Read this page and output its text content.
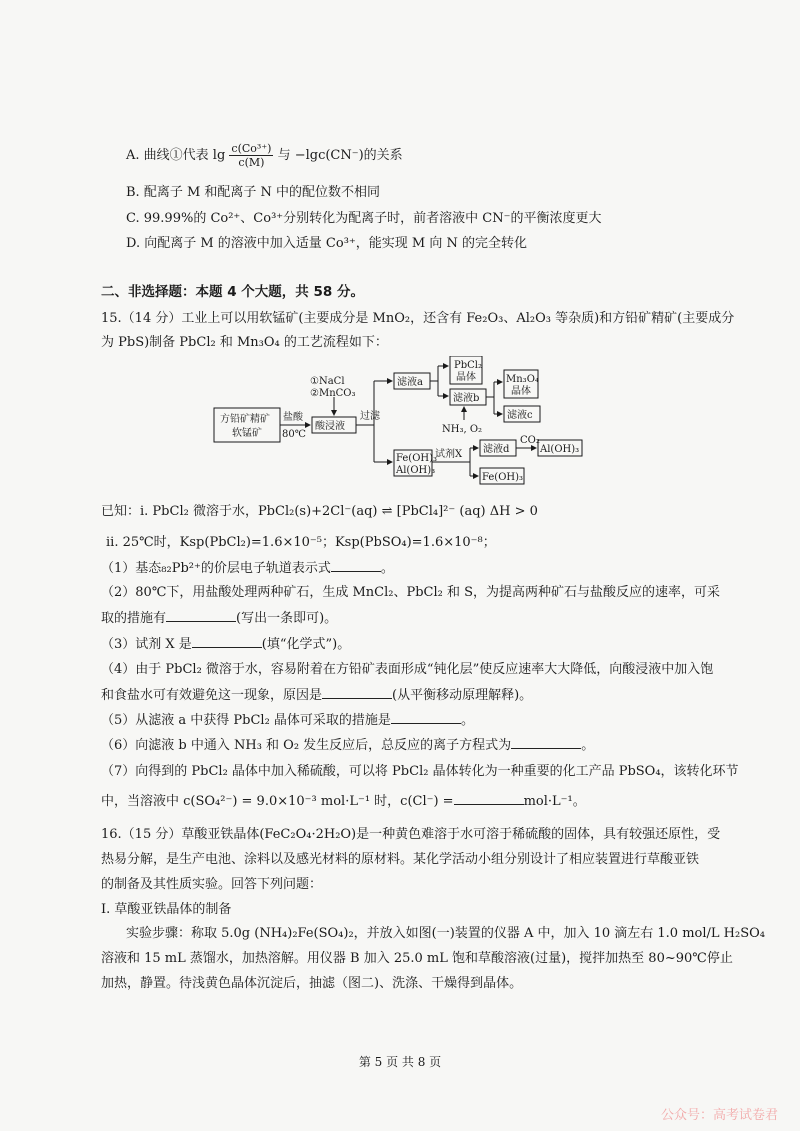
A. 曲线①代表 $\lg \frac{\text{c(Co³⁺)}}{c(M)}$ 与 −lgc(CN⁻)的关系
B. 配离子 M 和配离子 N 中的配位数不相同
C. 99.99%的 Co²⁺、Co³⁺分别转化为配离子时，前者溶液中 CN⁻的平衡浓度更大
D. 向配离子 M 的溶液中加入适量 Co³⁺，能实现 M 向 N 的完全转化
二、非选择题：本题 4 个大题，共 58 分。
15.（14 分）工业上可以用软锰矿(主要成分是 MnO₂，还含有 Fe₂O₃、Al₂O₃ 等杂质)和方铅矿精矿(主要成分
为 PbS)制备 PbCl₂ 和 Mn₃O₄ 的工艺流程如下：
方铅矿精矿
软锰矿
盐酸
80℃
酸浸液
①NaCl
②MnCO₃
过滤
滤液a
PbCl₂
晶体
滤液b
NH₃, O₂
Mn₃O₄
晶体
滤液c
Fe(OH)₃
Al(OH)₃
试剂X 滤液d
CO₂
Al(OH)₃
Fe(OH)₃
已知：i. PbCl₂ 微溶于水，PbCl₂(s)+2Cl⁻(aq) ⇌ [PbCl₄]²⁻ (aq) ΔH > 0
ii. 25℃时，Ksp(PbCl₂)=1.6×10⁻⁵；Ksp(PbSO₄)=1.6×10⁻⁸；
（1）基态₈₂Pb²⁺的价层电子轨道表示式	。
（2）80℃下，用盐酸处理两种矿石，生成 MnCl₂、PbCl₂ 和 S，为提高两种矿石与盐酸反应的速率，可采
取的措施有	(写出一条即可)。
（3）试剂 X 是	(填“化学式”)。
（4）由于 PbCl₂ 微溶于水，容易附着在方铅矿表面形成“钝化层”使反应速率大大降低，向酸浸液中加入饱
和食盐水可有效避免这一现象，原因是	(从平衡移动原理解释)。
（5）从滤液 a 中获得 PbCl₂ 晶体可采取的措施是	。
（6）向滤液 b 中通入 NH₃ 和 O₂ 发生反应后，总反应的离子方程式为	。
（7）向得到的 PbCl₂ 晶体中加入稀硫酸，可以将 PbCl₂ 晶体转化为一种重要的化工产品 PbSO₄，该转化环节
中，当溶液中 c(SO₄²⁻) = 9.0×10⁻³ mol·L⁻¹ 时，c(Cl⁻) =	mol·L⁻¹。
16.（15 分）草酸亚铁晶体(FeC₂O₄·2H₂O)是一种黄色难溶于水可溶于稀硫酸的固体，具有较强还原性，受
热易分解，是生产电池、涂料以及感光材料的原材料。某化学活动小组分别设计了相应装置进行草酸亚铁
的制备及其性质实验。回答下列问题：
I. 草酸亚铁晶体的制备
实验步骤：称取 5.0g (NH₄)₂Fe(SO₄)₂，并放入如图(一)装置的仪器 A 中，加入 10 滴左右 1.0 mol/L H₂SO₄
溶液和 15 mL 蒸馏水，加热溶解。用仪器 B 加入 25.0 mL 饱和草酸溶液(过量)，搅拌加热至 80~90℃停止
加热，静置。待浅黄色晶体沉淀后，抽滤（图二)、洗涤、干燥得到晶体。
第 5 页 共 8 页
公众号：高考试卷君
